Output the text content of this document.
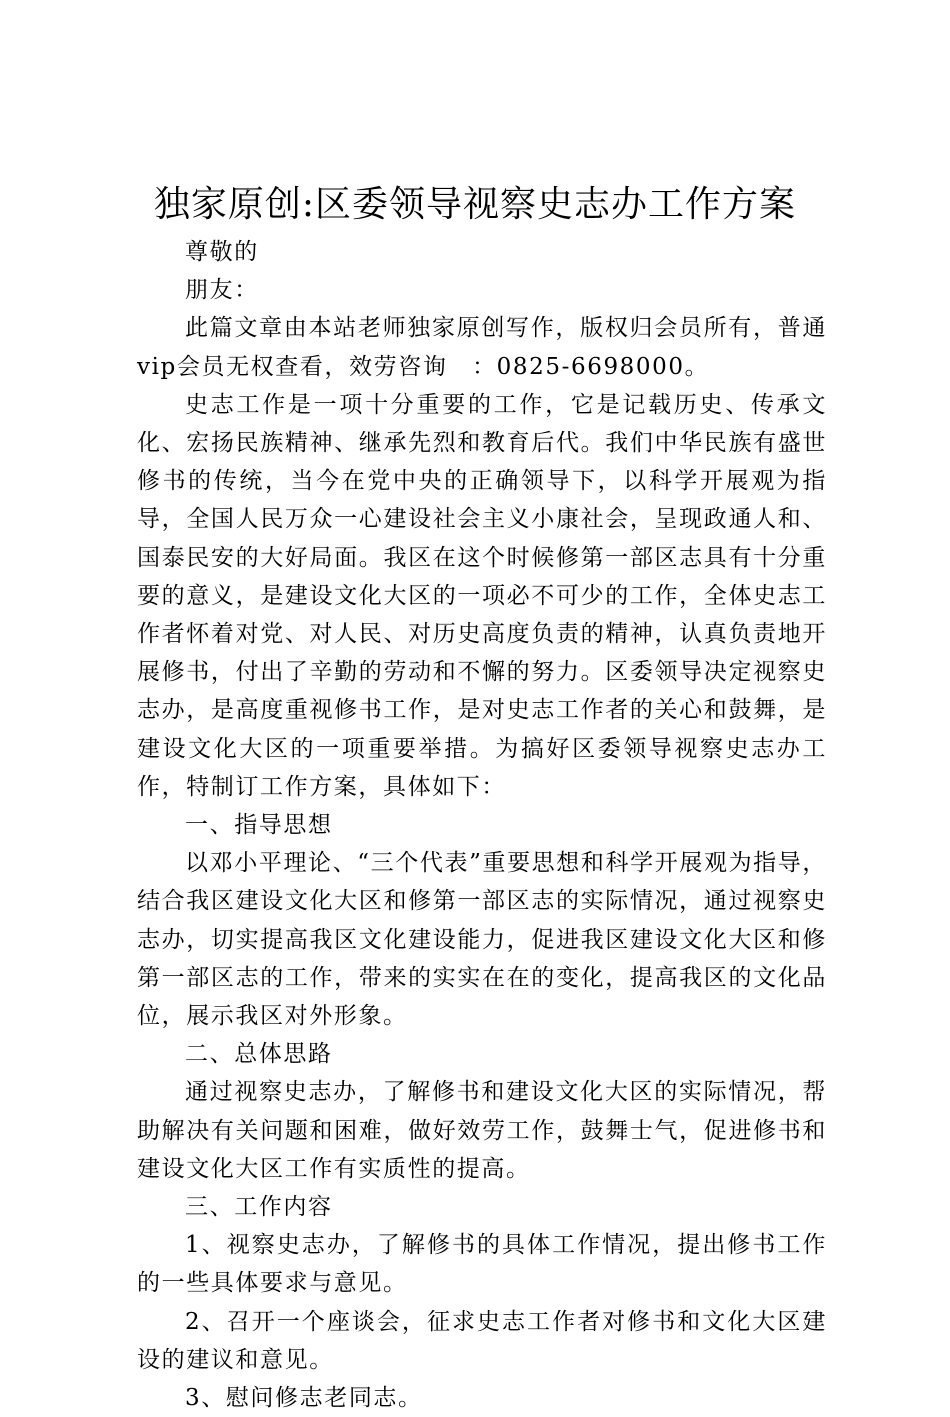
独家原创:区委领导视察史志办工作方案

尊敬的

朋友：

此篇文章由本站老师独家原创写作，版权归会员所有，普通vip会员无权查看，效劳咨询　：0825-6698000。

史志工作是一项十分重要的工作，它是记载历史、传承文化、宏扬民族精神、继承先烈和教育后代。我们中华民族有盛世修书的传统，当今在党中央的正确领导下，以科学开展观为指导，全国人民万众一心建设社会主义小康社会，呈现政通人和、国泰民安的大好局面。我区在这个时候修第一部区志具有十分重要的意义，是建设文化大区的一项必不可少的工作，全体史志工作者怀着对党、对人民、对历史高度负责的精神，认真负责地开展修书，付出了辛勤的劳动和不懈的努力。区委领导决定视察史志办，是高度重视修书工作，是对史志工作者的关心和鼓舞，是建设文化大区的一项重要举措。为搞好区委领导视察史志办工作，特制订工作方案，具体如下：

一、指导思想

以邓小平理论、“三个代表”重要思想和科学开展观为指导，结合我区建设文化大区和修第一部区志的实际情况，通过视察史志办，切实提高我区文化建设能力，促进我区建设文化大区和修第一部区志的工作，带来的实实在在的变化，提高我区的文化品位，展示我区对外形象。

二、总体思路

通过视察史志办，了解修书和建设文化大区的实际情况，帮助解决有关问题和困难，做好效劳工作，鼓舞士气，促进修书和建设文化大区工作有实质性的提高。

三、工作内容

1、视察史志办，了解修书的具体工作情况，提出修书工作的一些具体要求与意见。

2、召开一个座谈会，征求史志工作者对修书和文化大区建设的建议和意见。

3、慰问修志老同志。
